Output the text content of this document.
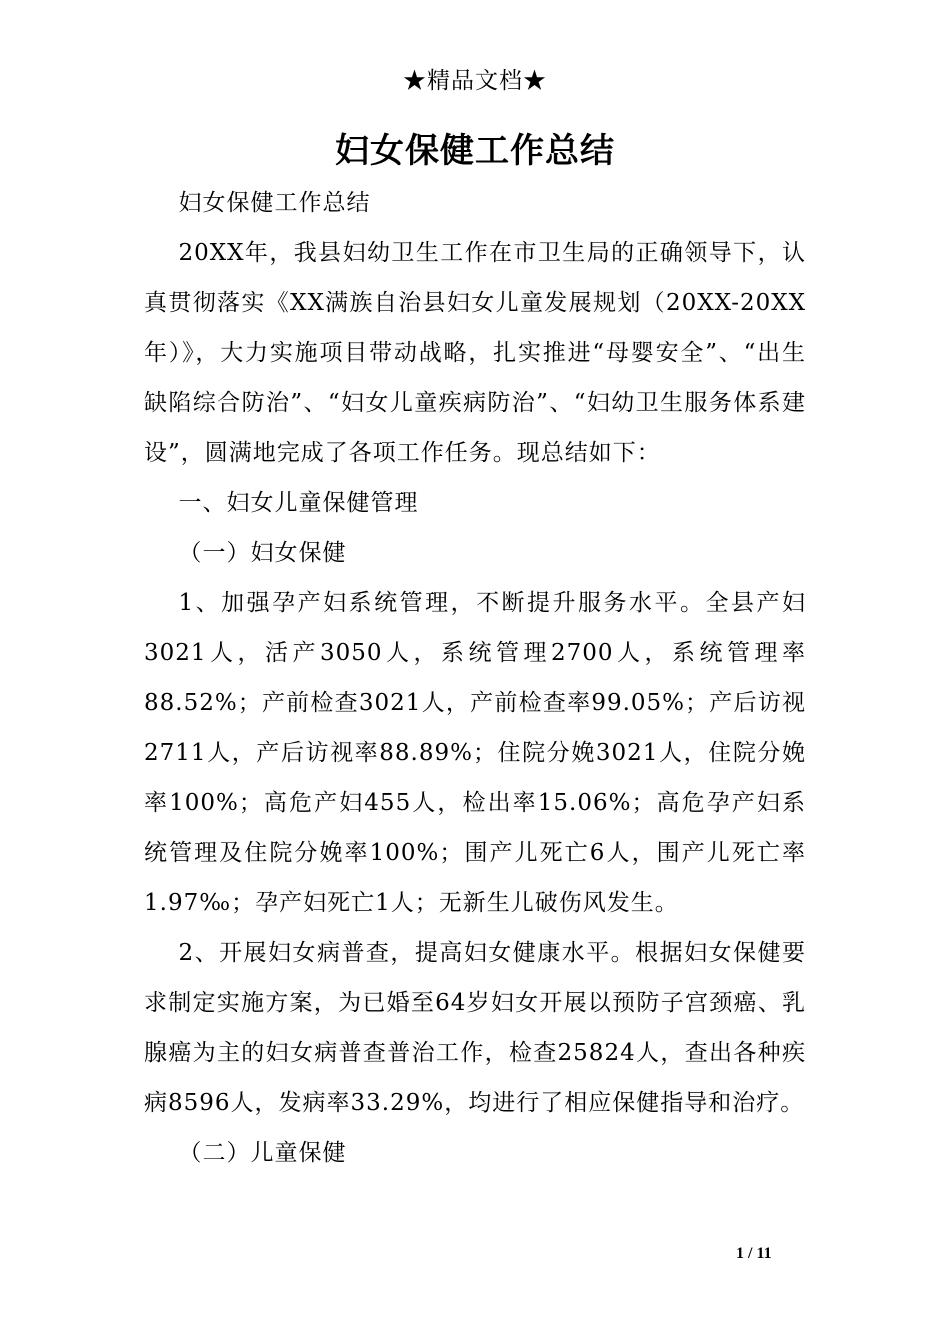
★精品文档★
妇女保健工作总结

妇女保健工作总结

20XX年，我县妇幼卫生工作在市卫生局的正确领导下，认真贯彻落实《XX满族自治县妇女儿童发展规划（20XX-20XX年）》，大力实施项目带动战略，扎实推进“母婴安全”、“出生缺陷综合防治”、“妇女儿童疾病防治”、“妇幼卫生服务体系建设”，圆满地完成了各项工作任务。现总结如下：

一、妇女儿童保健管理

（一）妇女保健

1、加强孕产妇系统管理，不断提升服务水平。全县产妇3021人，活产3050人，系统管理2700人，系统管理率88.52%；产前检查3021人，产前检查率99.05%；产后访视2711人，产后访视率88.89%；住院分娩3021人，住院分娩率100%；高危产妇455人，检出率15.06%；高危孕产妇系统管理及住院分娩率100%；围产儿死亡6人，围产儿死亡率1.97‰；孕产妇死亡1人；无新生儿破伤风发生。

2、开展妇女病普查，提高妇女健康水平。根据妇女保健要求制定实施方案，为已婚至64岁妇女开展以预防子宫颈癌、乳腺癌为主的妇女病普查普治工作，检查25824人，查出各种疾病8596人，发病率33.29%，均进行了相应保健指导和治疗。

（二）儿童保健

1 / 11
